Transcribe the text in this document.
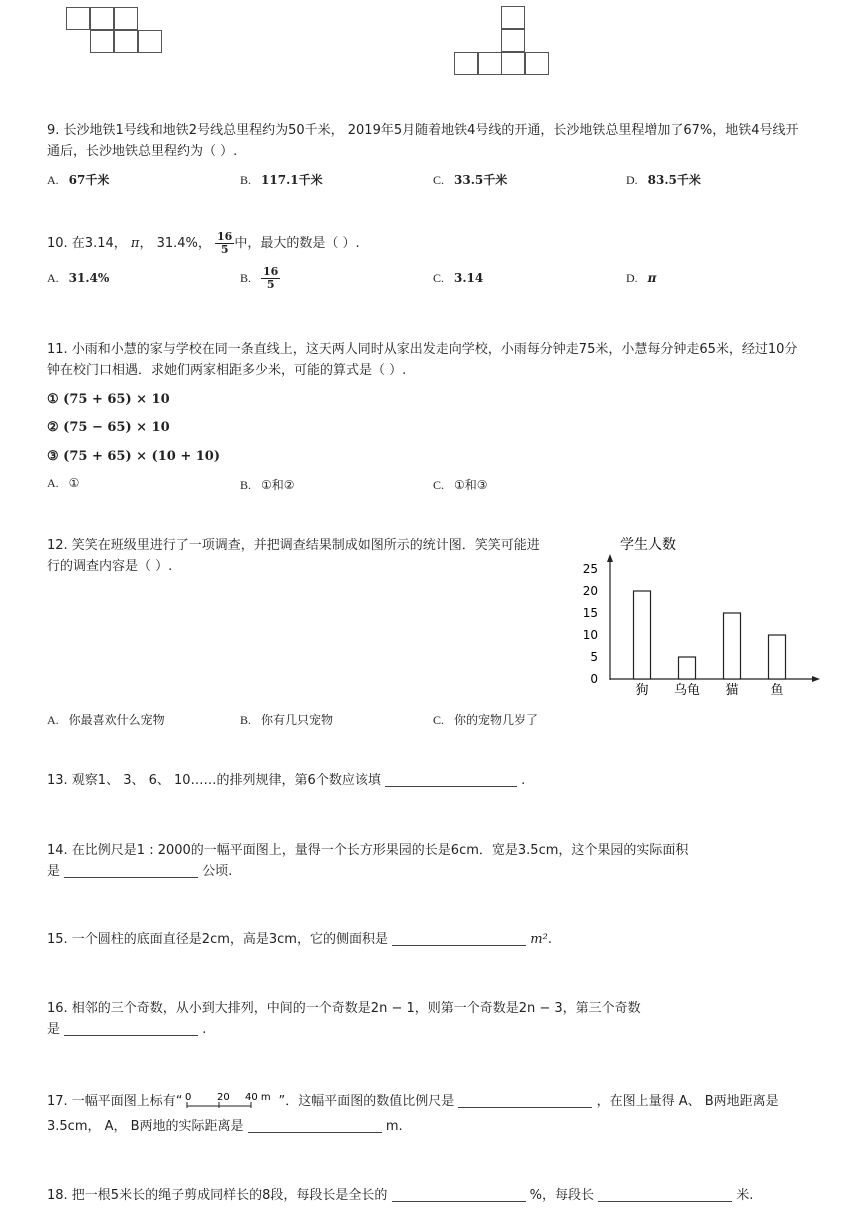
9. 长沙地铁1号线和地铁2号线总里程约为50千米， 2019年5月随着地铁4号线的开通，长沙地铁总里程增加了67%，地铁4号线开
通后，长沙地铁总里程约为（ ）.
A. 67千米	B. 117.1千米	C. 33.5千米	D. 83.5千米
10. 在3.14， π， 31.4%， $\frac{16}{5}$ 中，最大的数是（ ）.
A. 31.4%	B. $\frac{16}{5}$	C. 3.14	D. π
11. 小雨和小慧的家与学校在同一条直线上，这天两人同时从家出发走向学校，小雨每分钟走75米，小慧每分钟走65米，经过10分
钟在校门口相遇．求她们两家相距多少米，可能的算式是（ ）.
① (75 + 65) × 10
② (75 − 65) × 10
③ (75 + 65) × (10 + 10)
A. ①	B. ①和②	C. ①和③
12. 笑笑在班级里进行了一项调查，并把调查结果制成如图所示的统计图．笑笑可能进
行的调查内容是（ ）.
学生人数
0
5
10
15
20
25
狗 乌龟 猫 鱼
A. 你最喜欢什么宠物	B. 你有几只宠物	C. 你的宠物几岁了
13. 观察1、 3、 6、 10……的排列规律，第6个数应该填	.
14. 在比例尺是1 : 2000的一幅平面图上，量得一个长方形果园的长是6cm．宽是3.5cm，这个果园的实际面积
是	公顷.
15. 一个圆柱的底面直径是2cm，高是3cm，它的侧面积是	m².
16. 相邻的三个奇数，从小到大排列，中间的一个奇数是2n − 1，则第一个奇数是2n − 3，第三个奇数
是	.
17. 一幅平面图上标有“ 0	20 40 m ”．这幅平面图的数值比例尺是	，在图上量得 A、 B两地距离是
3.5cm， A， B两地的实际距离是	m.
18. 把一根5米长的绳子剪成同样长的8段，每段长是全长的	%，每段长	米.
